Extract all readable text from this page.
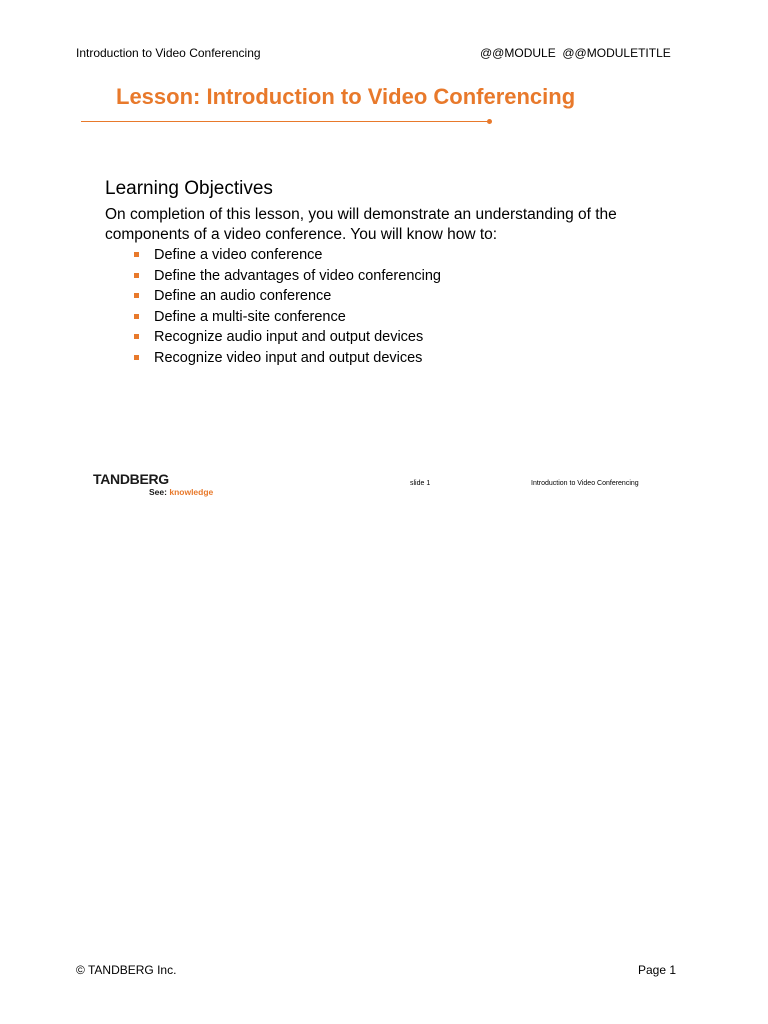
Introduction to Video Conferencing	@@MODULE  @@MODULETITLE
Lesson: Introduction to Video Conferencing
Learning Objectives
On completion of this lesson, you will demonstrate an understanding of the components of a video conference. You will know how to:
Define a video conference
Define the advantages of video conferencing
Define an audio conference
Define a multi-site conference
Recognize audio input and output devices
Recognize video input and output devices
TANDBERG
See: knowledge
slide 1	Introduction to Video Conferencing
© TANDBERG Inc.	Page 1
